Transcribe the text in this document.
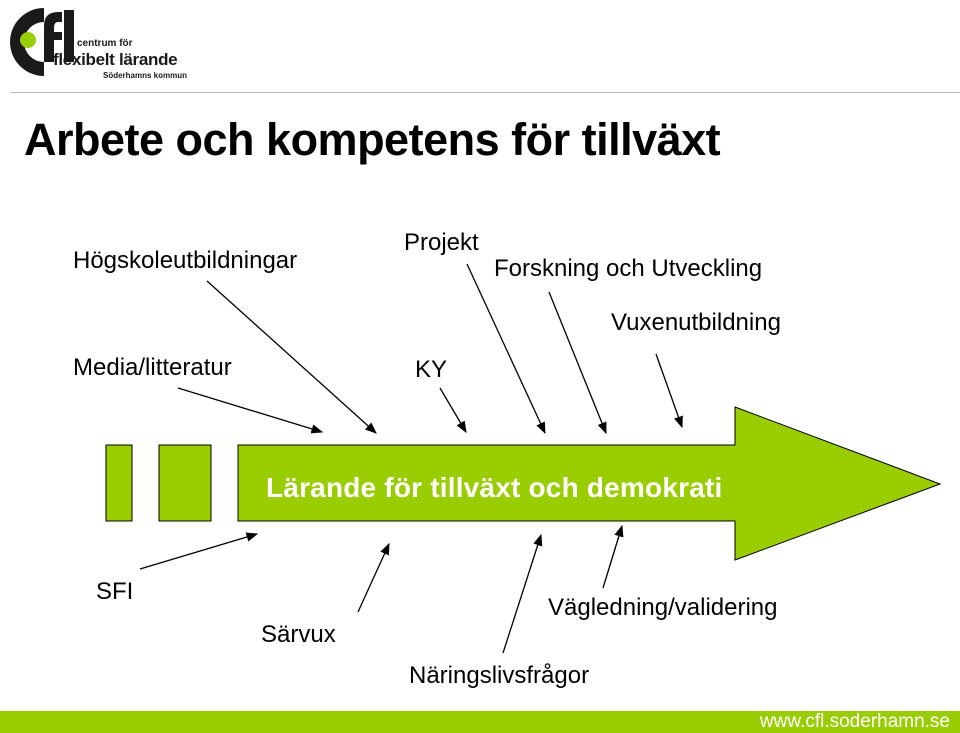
centrum för
flexibelt lärande
Söderhamns kommun
Arbete och kompetens för tillväxt
Lärande för tillväxt och demokrati
Högskoleutbildningar
Projekt
Forskning och Utveckling
Vuxenutbildning
Media/litteratur	KY
SFI
Särvux
Näringslivsfrågor
Vägledning/validering
www.cfl.soderhamn.se
